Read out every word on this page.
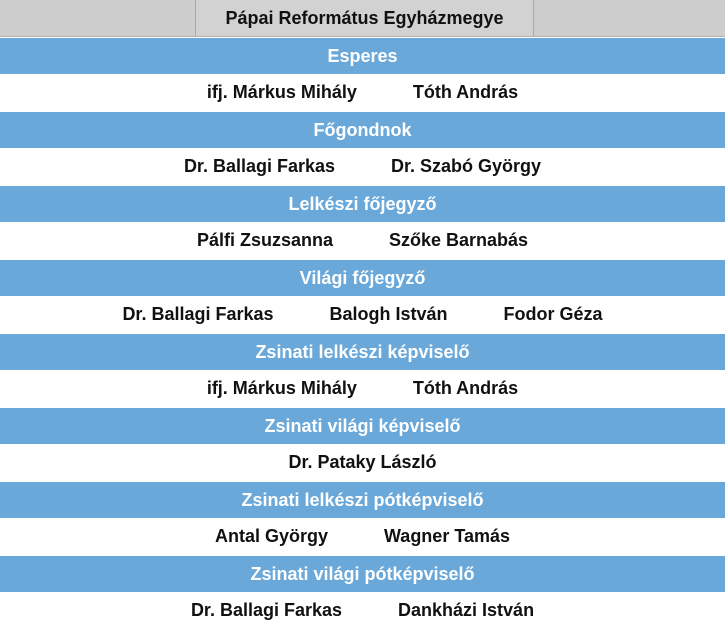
Pápai Református Egyházmegye
Esperes
ifj. Márkus Mihály	Tóth András
Főgondnok
Dr. Ballagi Farkas	Dr. Szabó György
Lelkészi főjegyző
Pálfi Zsuzsanna	Szőke Barnabás
Világi főjegyző
Dr. Ballagi Farkas	Balogh István	Fodor Géza
Zsinati lelkészi képviselő
ifj. Márkus Mihály	Tóth András
Zsinati világi képviselő
Dr. Pataky László
Zsinati lelkészi pótképviselő
Antal György	Wagner Tamás
Zsinati világi pótképviselő
Dr. Ballagi Farkas	Dankházi István
